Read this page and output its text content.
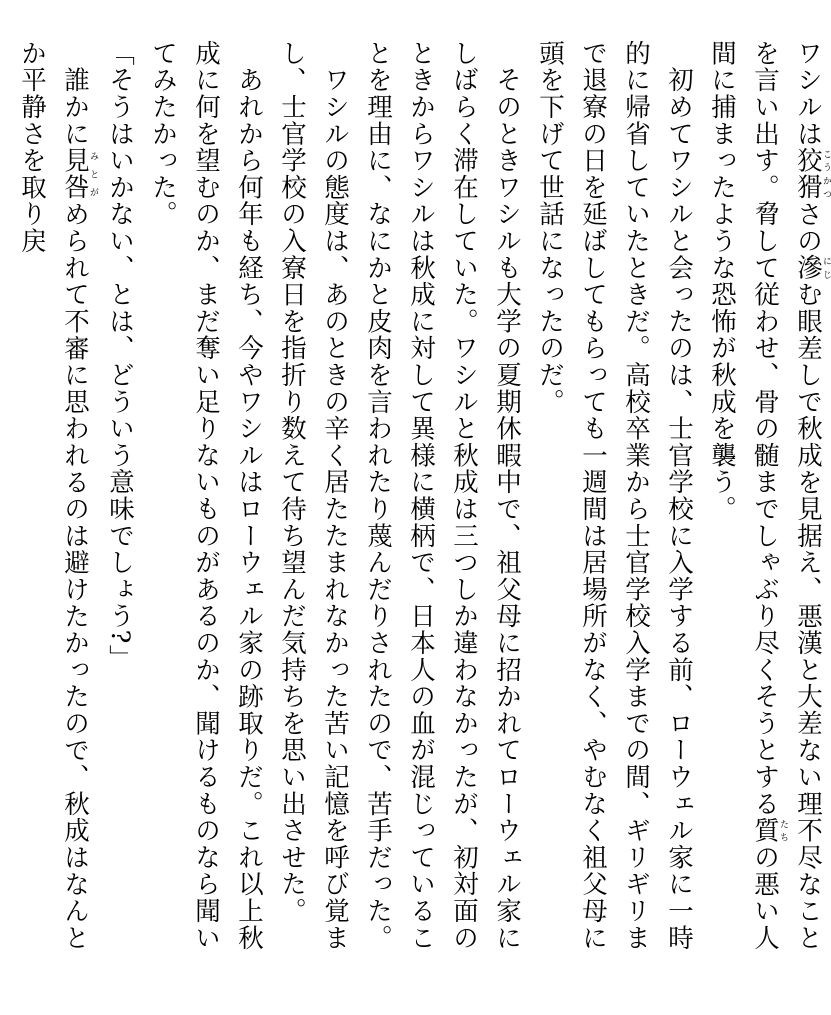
ワシルは狡猾こうかつさの滲にじむ眼差しで秋成を見据え、悪漢と大差ない理不尽なことを言い出す。脅して従わせ、骨の髄までしゃぶり尽くそうとする質たちの悪い人間に捕まったような恐怖が秋成を襲う。

　初めてワシルと会ったのは、士官学校に入学する前、ローウェル家に一時的に帰省していたときだ。高校卒業から士官学校入学までの間、ギリギリまで退寮の日を延ばしてもらっても一週間は居場所がなく、やむなく祖父母に頭を下げて世話になったのだ。

　そのときワシルも大学の夏期休暇中で、祖父母に招かれてローウェル家にしばらく滞在していた。ワシルと秋成は三つしか違わなかったが、初対面のときからワシルは秋成に対して異様に横柄で、日本人の血が混じっていることを理由に、なにかと皮肉を言われたり蔑んだりされたので、苦手だった。

　ワシルの態度は、あのときの辛く居たたまれなかった苦い記憶を呼び覚まし、士官学校の入寮日を指折り数えて待ち望んだ気持ちを思い出させた。

　あれから何年も経ち、今やワシルはローウェル家の跡取りだ。これ以上秋成に何を望むのか、まだ奪い足りないものがあるのか、聞けるものなら聞いてみたかった。

「そうはいかない、とは、どういう意味でしょう?」

　誰かに見咎みとがめられて不審に思われるのは避けたかったので、秋成はなんとか平静さを取り戻
